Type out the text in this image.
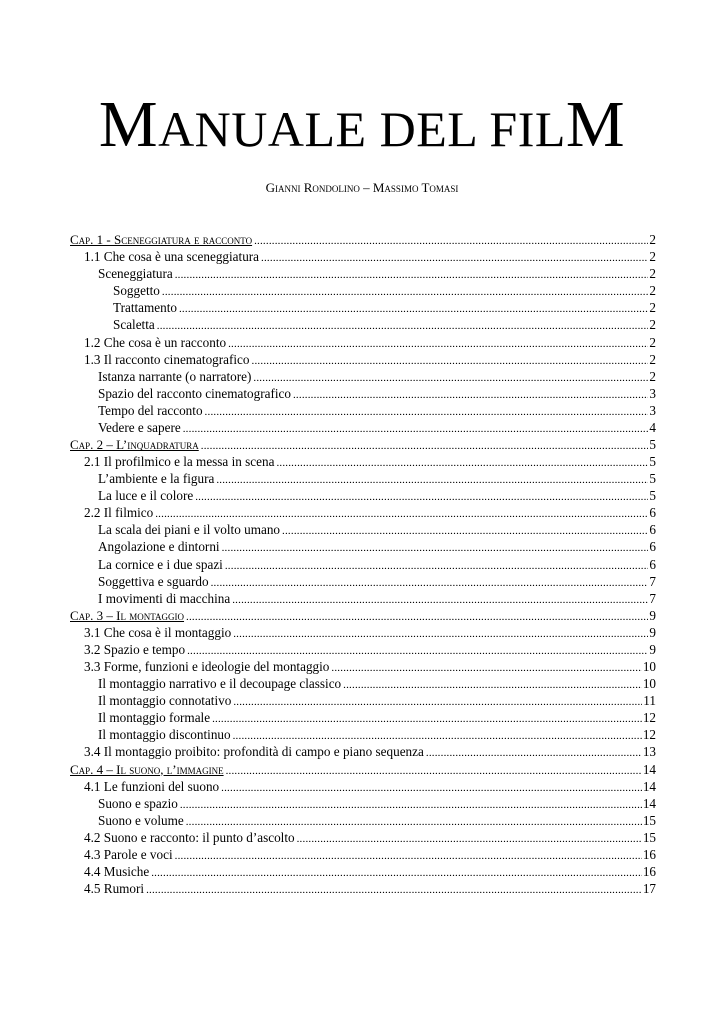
MANUALE DEL FILM
Gianni Rondolino – Massimo Tomasi
Cap. 1 - Sceneggiatura e racconto .....	2
1.1 Che cosa è una sceneggiatura .....	2
Sceneggiatura .....	2
Soggetto .....	2
Trattamento .....	2
Scaletta .....	2
1.2 Che cosa è un racconto .....	2
1.3 Il racconto cinematografico .....	2
Istanza narrante (o narratore) .....	2
Spazio del racconto cinematografico .....	3
Tempo del racconto .....	3
Vedere e sapere .....	4
Cap. 2 – L’inquadratura .....	5
2.1 Il profilmico e la messa in scena .....	5
L’ambiente e la figura .....	5
La luce e il colore .....	5
2.2 Il filmico .....	6
La scala dei piani e il volto umano .....	6
Angolazione e dintorni .....	6
La cornice e i due spazi .....	6
Soggettiva e sguardo .....	7
I movimenti di macchina .....	7
Cap. 3 – Il montaggio .....	9
3.1 Che cosa è il montaggio .....	9
3.2 Spazio e tempo .....	9
3.3 Forme, funzioni e ideologie del montaggio .....	10
Il montaggio narrativo e il decoupage classico .....	10
Il montaggio connotativo .....	11
Il montaggio formale .....	12
Il montaggio discontinuo .....	12
3.4 Il montaggio proibito: profondità di campo e piano sequenza .....	13
Cap. 4 – Il suono, l’immagine .....	14
4.1 Le funzioni del suono .....	14
Suono e spazio .....	14
Suono e volume .....	15
4.2 Suono e racconto: il punto d’ascolto .....	15
4.3 Parole e voci .....	16
4.4 Musiche .....	16
4.5 Rumori .....	17
